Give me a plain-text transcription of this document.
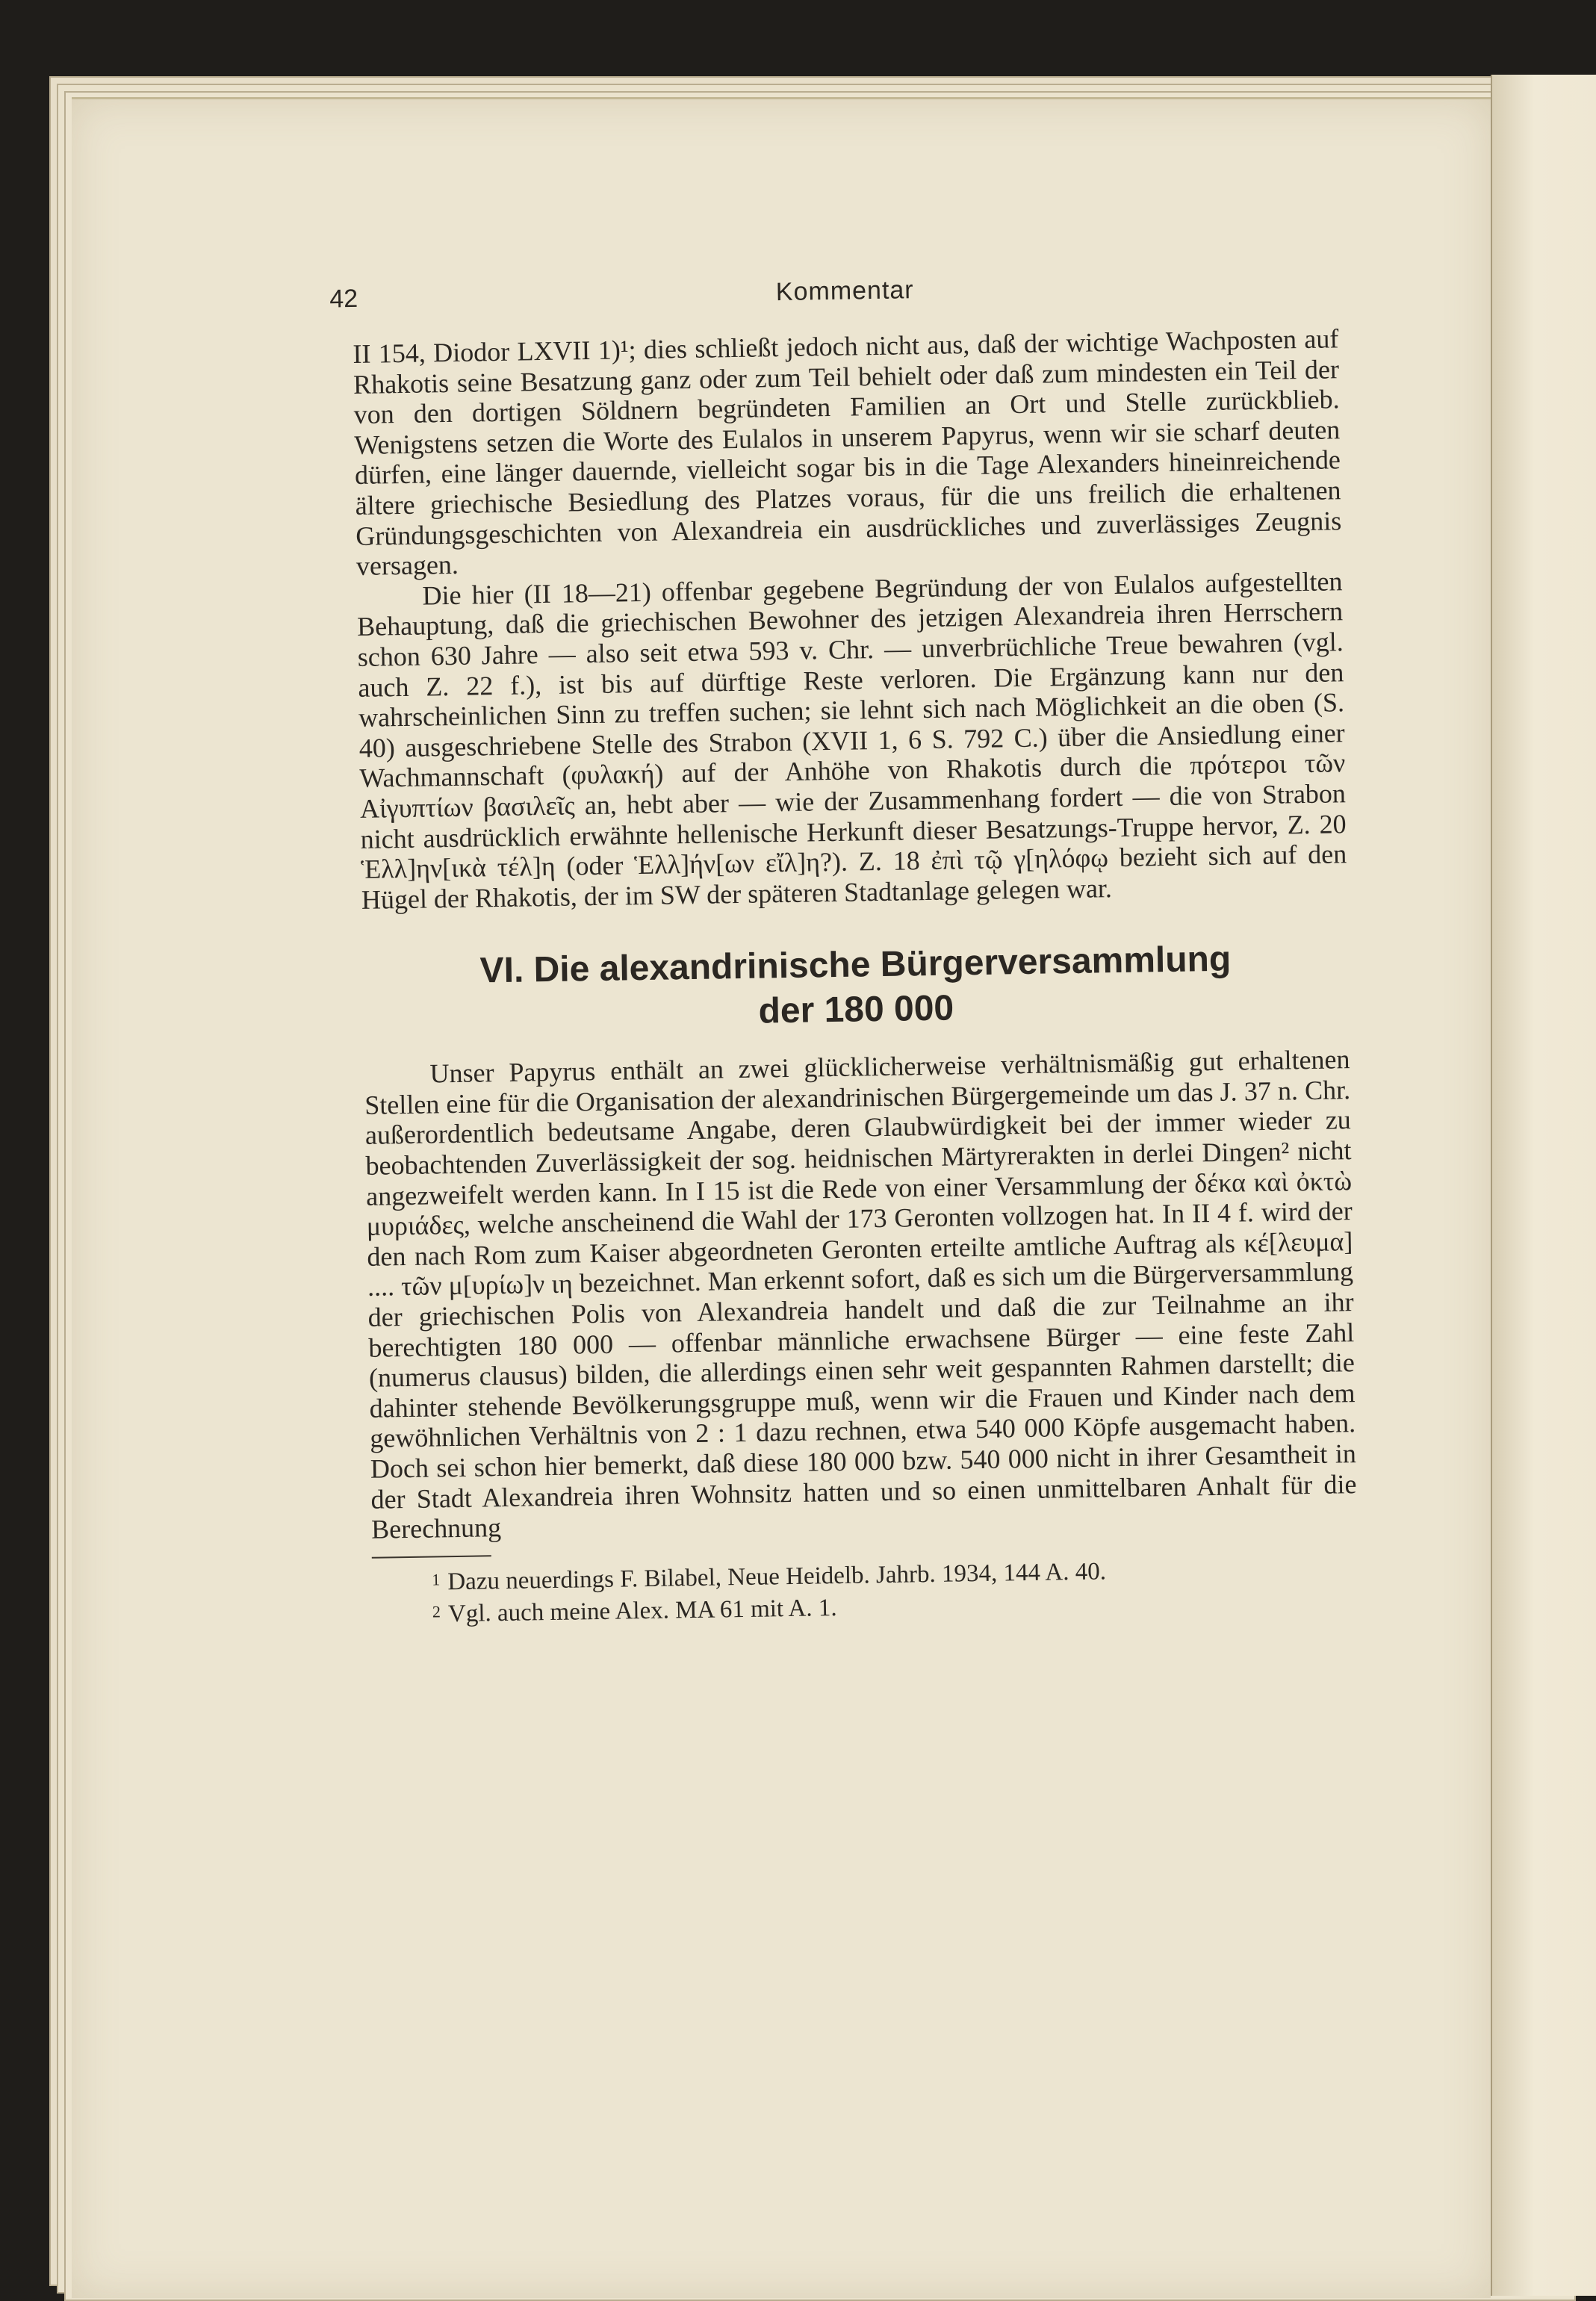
42	Kommentar

II 154, Diodor LXVII 1)¹; dies schließt jedoch nicht aus, daß der wichtige Wachposten auf Rhakotis seine Besatzung ganz oder zum Teil behielt oder daß zum mindesten ein Teil der von den dortigen Söldnern begründeten Familien an Ort und Stelle zurückblieb. Wenigstens setzen die Worte des Eulalos in unserem Papyrus, wenn wir sie scharf deuten dürfen, eine länger dauernde, vielleicht sogar bis in die Tage Alexanders hineinreichende ältere griechische Besiedlung des Platzes voraus, für die uns freilich die erhaltenen Gründungsgeschichten von Alexandreia ein ausdrückliches und zuverlässiges Zeugnis versagen.

Die hier (II 18—21) offenbar gegebene Begründung der von Eulalos aufgestellten Behauptung, daß die griechischen Bewohner des jetzigen Alexandreia ihren Herrschern schon 630 Jahre — also seit etwa 593 v. Chr. — unverbrüchliche Treue bewahren (vgl. auch Z. 22 f.), ist bis auf dürftige Reste verloren. Die Ergänzung kann nur den wahrscheinlichen Sinn zu treffen suchen; sie lehnt sich nach Möglichkeit an die oben (S. 40) ausgeschriebene Stelle des Strabon (XVII 1, 6 S. 792 C.) über die Ansiedlung einer Wachmannschaft (φυλακή) auf der Anhöhe von Rhakotis durch die πρότεροι τῶν Αἰγυπτίων βασιλεῖς an, hebt aber — wie der Zusammenhang fordert — die von Strabon nicht ausdrücklich erwähnte hellenische Herkunft dieser Besatzungs-Truppe hervor, Z. 20 Ἑλλ]ην[ικὰ τέλ]η (oder Ἑλλ]ήν[ων εἴλ]η?). Z. 18 ἐπὶ τῷ γ[ηλόφῳ bezieht sich auf den Hügel der Rhakotis, der im SW der späteren Stadtanlage gelegen war.

VI. Die alexandrinische Bürgerversammlung
der 180 000

Unser Papyrus enthält an zwei glücklicherweise verhältnismäßig gut erhaltenen Stellen eine für die Organisation der alexandrinischen Bürgergemeinde um das J. 37 n. Chr. außerordentlich bedeutsame Angabe, deren Glaubwürdigkeit bei der immer wieder zu beobachtenden Zuverlässigkeit der sog. heidnischen Märtyrerakten in derlei Dingen² nicht angezweifelt werden kann. In I 15 ist die Rede von einer Versammlung der δέκα καὶ ὀκτὼ μυριάδες, welche anscheinend die Wahl der 173 Geronten vollzogen hat. In II 4 f. wird der den nach Rom zum Kaiser abgeordneten Geronten erteilte amtliche Auftrag als κέ[λευμα] .... τῶν μ[υρίω]ν ιη bezeichnet. Man erkennt sofort, daß es sich um die Bürgerversammlung der griechischen Polis von Alexandreia handelt und daß die zur Teilnahme an ihr berechtigten 180 000 — offenbar männliche erwachsene Bürger — eine feste Zahl (numerus clausus) bilden, die allerdings einen sehr weit gespannten Rahmen darstellt; die dahinter stehende Bevölkerungsgruppe muß, wenn wir die Frauen und Kinder nach dem gewöhnlichen Verhältnis von 2 : 1 dazu rechnen, etwa 540 000 Köpfe ausgemacht haben. Doch sei schon hier bemerkt, daß diese 180 000 bzw. 540 000 nicht in ihrer Gesamtheit in der Stadt Alexandreia ihren Wohnsitz hatten und so einen unmittelbaren Anhalt für die Berechnung

1 Dazu neuerdings F. Bilabel, Neue Heidelb. Jahrb. 1934, 144 A. 40.
2 Vgl. auch meine Alex. MA 61 mit A. 1.
